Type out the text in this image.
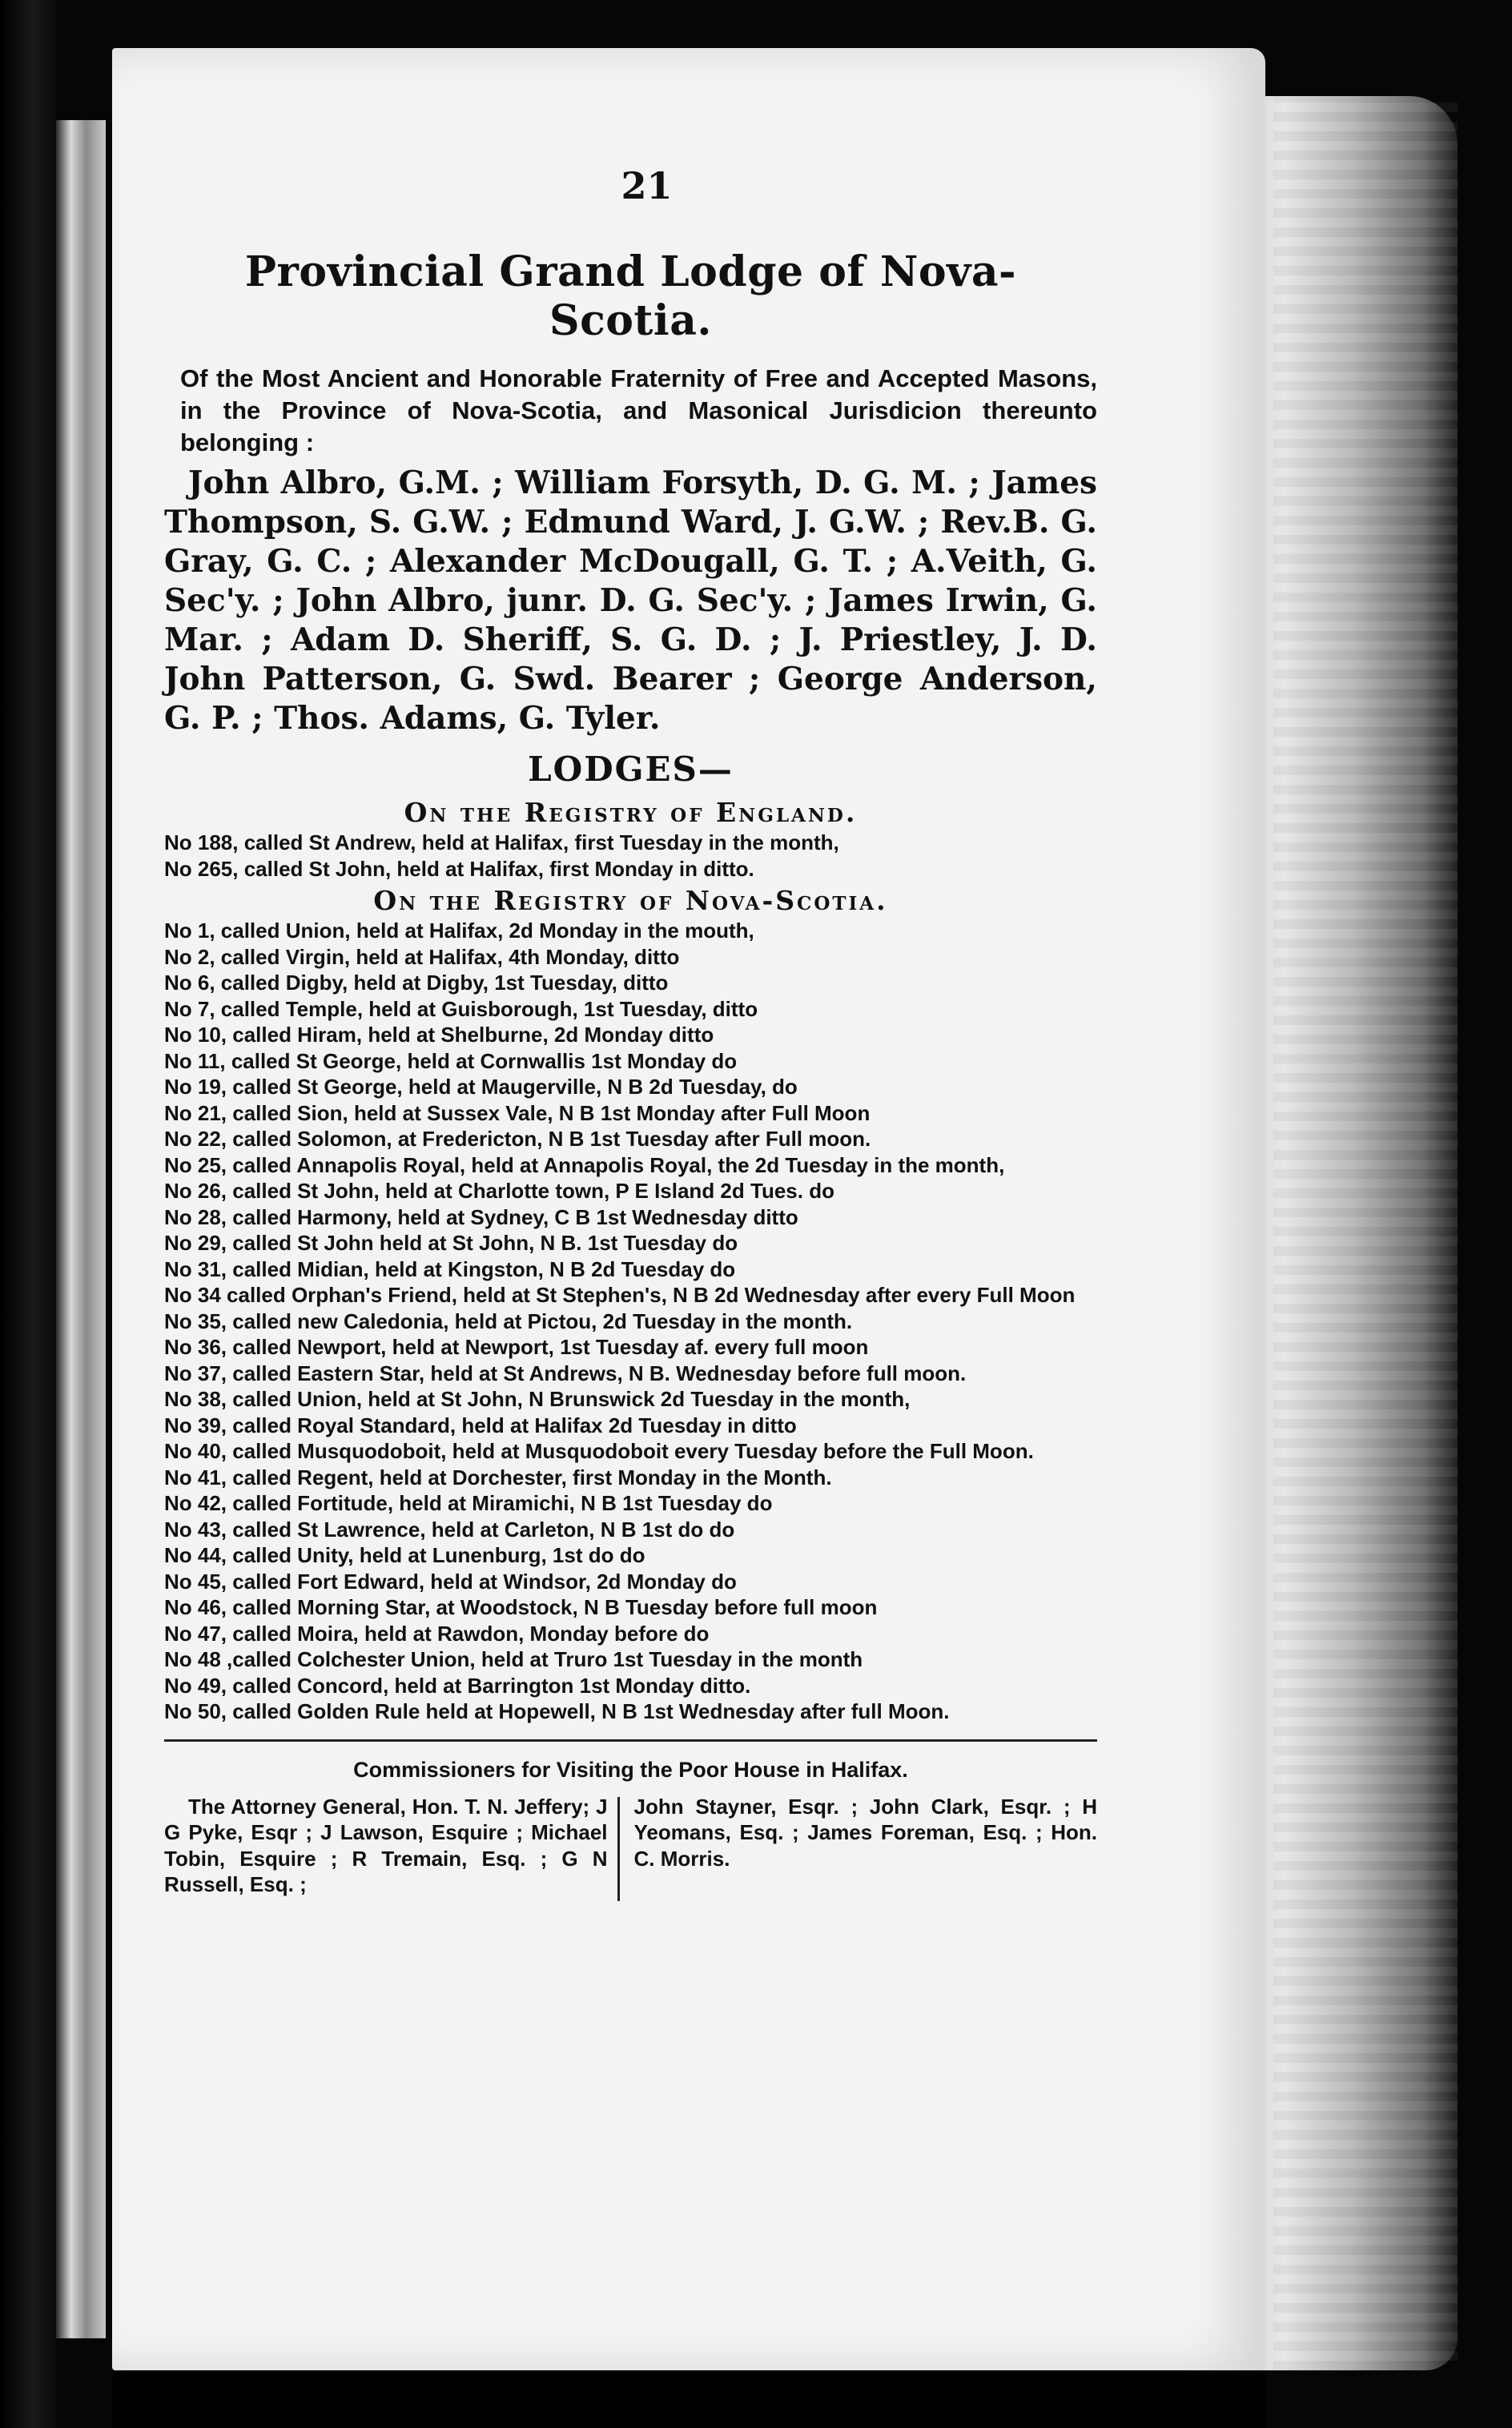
21
Provincial Grand Lodge of Nova-Scotia.

Of the Most Ancient and Honorable Fraternity of Free and Accepted Masons, in the Province of Nova-Scotia, and Masonical Jurisdicion thereunto belonging :

John Albro, G.M. ; William Forsyth, D. G. M. ; James Thompson, S. G.W. ; Edmund Ward, J. G.W. ; Rev.B. G. Gray, G. C. ; Alexander McDougall, G. T. ; A.Veith, G. Sec'y. ; John Albro, junr. D. G. Sec'y. ; James Irwin, G. Mar. ; Adam D. Sheriff, S. G. D. ; J. Priestley, J. D. John Patterson, G. Swd. Bearer ; George Anderson, G. P. ; Thos. Adams, G. Tyler.

LODGES—
On the Registry of England.
No 188, called St Andrew, held at Halifax, first Tuesday in the month,
No 265, called St John, held at Halifax, first Monday in ditto.
On the Registry of Nova-Scotia.
No 1, called Union, held at Halifax, 2d Monday in the mouth,
No 2, called Virgin, held at Halifax, 4th Monday, ditto
No 6, called Digby, held at Digby, 1st Tuesday, ditto
No 7, called Temple, held at Guisborough, 1st Tuesday, ditto
No 10, called Hiram, held at Shelburne, 2d Monday ditto
No 11, called St George, held at Cornwallis 1st Monday do
No 19, called St George, held at Maugerville, N B 2d Tuesday, do
No 21, called Sion, held at Sussex Vale, N B 1st Monday after Full Moon
No 22, called Solomon, at Fredericton, N B 1st Tuesday after Full moon.
No 25, called Annapolis Royal, held at Annapolis Royal, the 2d Tuesday in the month,
No 26, called St John, held at Charlotte town, P E Island 2d Tues. do
No 28, called Harmony, held at Sydney, C B 1st Wednesday ditto
No 29, called St John held at St John, N B. 1st Tuesday do
No 31, called Midian, held at Kingston, N B 2d Tuesday do
No 34 called Orphan's Friend, held at St Stephen's, N B 2d Wednesday after every Full Moon
No 35, called new Caledonia, held at Pictou, 2d Tuesday in the month.
No 36, called Newport, held at Newport, 1st Tuesday af. every full moon
No 37, called Eastern Star, held at St Andrews, N B. Wednesday before full moon.
No 38, called Union, held at St John, N Brunswick 2d Tuesday in the month,
No 39, called Royal Standard, held at Halifax 2d Tuesday in ditto
No 40, called Musquodoboit, held at Musquodoboit every Tuesday before the Full Moon.
No 41, called Regent, held at Dorchester, first Monday in the Month.
No 42, called Fortitude, held at Miramichi, N B 1st Tuesday do
No 43, called St Lawrence, held at Carleton, N B 1st do do
No 44, called Unity, held at Lunenburg, 1st do do
No 45, called Fort Edward, held at Windsor, 2d Monday do
No 46, called Morning Star, at Woodstock, N B Tuesday before full moon
No 47, called Moira, held at Rawdon, Monday before do
No 48 ,called Colchester Union, held at Truro 1st Tuesday in the month
No 49, called Concord, held at Barrington 1st Monday ditto.
No 50, called Golden Rule held at Hopewell, N B 1st Wednesday after full Moon.
Commissioners for Visiting the Poor House in Halifax.
The Attorney General, Hon. T. N. Jeffery; J G Pyke, Esqr ; J Lawson, Esquire ; Michael Tobin, Esquire ; R Tremain, Esq. ; G N Russell, Esq. ;
John Stayner, Esqr. ; John Clark, Esqr. ; H Yeomans, Esq. ; James Foreman, Esq. ; Hon. C. Morris.
